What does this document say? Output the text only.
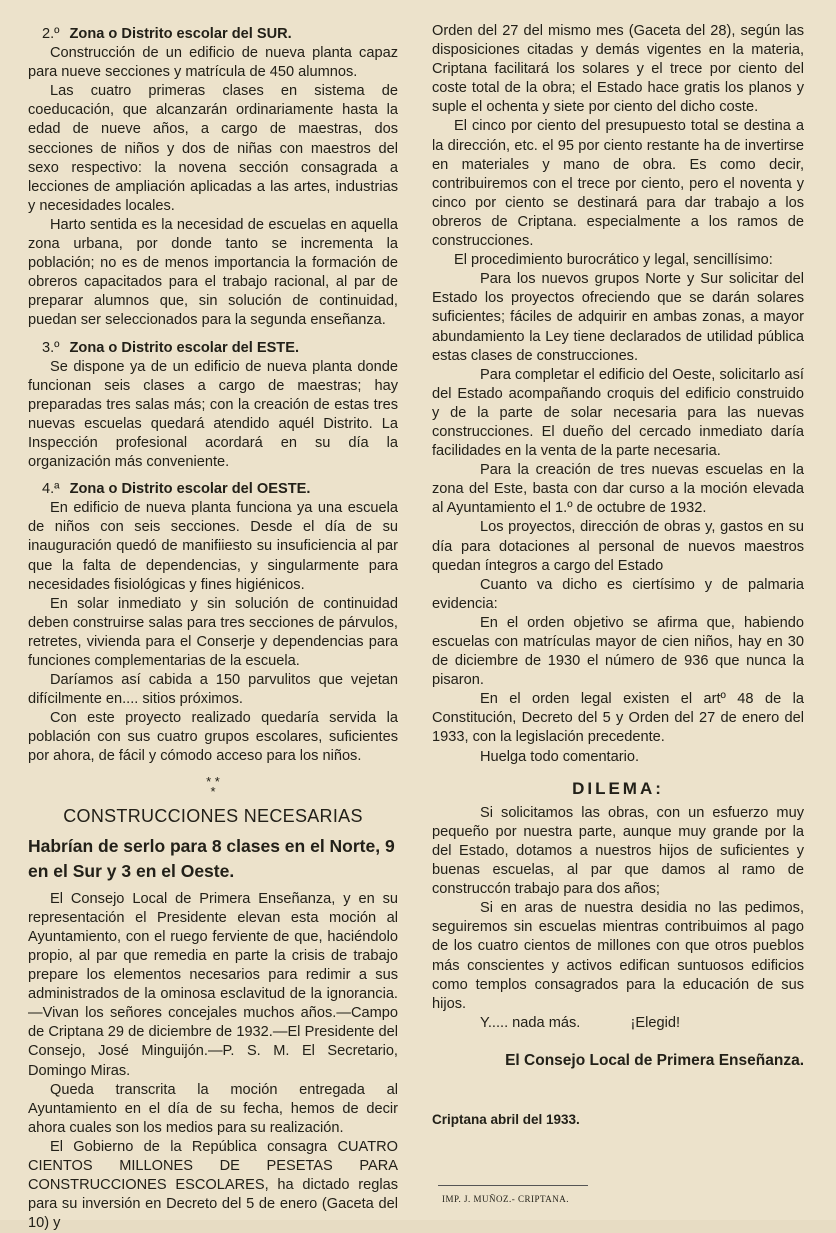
2.º Zona o Distrito escolar del SUR.

Construcción de un edificio de nueva planta capaz para nueve secciones y matrícula de 450 alumnos.

Las cuatro primeras clases en sistema de coeducación, que alcanzarán ordinariamente hasta la edad de nueve años, a cargo de maestras, dos secciones de niños y dos de niñas con maestros del sexo respectivo: la novena sección consagrada a lecciones de ampliación aplicadas a las artes, industrias y necesidades locales.

Harto sentida es la necesidad de escuelas en aquella zona urbana, por donde tanto se incrementa la población; no es de menos importancia la formación de obreros capacitados para el trabajo racional, al par de preparar alumnos que, sin solución de continuidad, puedan ser seleccionados para la segunda enseñanza.

3.º Zona o Distrito escolar del ESTE.

Se dispone ya de un edificio de nueva planta donde funcionan seis clases a cargo de maestras; hay preparadas tres salas más; con la creación de estas tres nuevas escuelas quedará atendido aquél Distrito. La Inspección profesional acordará en su día la organización más conveniente.

4.ª Zona o Distrito escolar del OESTE.

En edificio de nueva planta funciona ya una escuela de niños con seis secciones. Desde el día de su inauguración quedó de manifiiesto su insuficiencia al par que la falta de dependencias, y singularmente para necesidades fisiológicas y fines higiénicos.

En solar inmediato y sin solución de continuidad deben construirse salas para tres secciones de párvulos, retretes, vivienda para el Conserje y dependencias para funciones complementarias de la escuela.

Daríamos así cabida a 150 parvulitos que vejetan difícilmente en.... sitios próximos.

Con este proyecto realizado quedaría servida la población con sus cuatro grupos escolares, suficientes por ahora, de fácil y cómodo acceso para los niños.

* *
*
CONSTRUCCIONES NECESARIAS
Habrían de serlo para 8 clases en el Norte, 9 en el Sur y 3 en el Oeste.

El Consejo Local de Primera Enseñanza, y en su representación el Presidente elevan esta moción al Ayuntamiento, con el ruego ferviente de que, haciéndolo propio, al par que remedia en parte la crisis de trabajo prepare los elementos necesarios para redimir a sus administrados de la ominosa esclavitud de la ignorancia.—Vivan los señores concejales muchos años.—Campo de Criptana 29 de diciembre de 1932.—El Presidente del Consejo, José Minguijón.—P. S. M. El Secretario, Domingo Miras.

Queda transcrita la moción entregada al Ayuntamiento en el día de su fecha, hemos de decir ahora cuales son los medios para su realización.

El Gobierno de la República consagra CUATRO CIENTOS MILLONES DE PESETAS PARA CONSTRUCCIONES ESCOLARES, ha dictado reglas para su inversión en Decreto del 5 de enero (Gaceta del 10) y

Orden del 27 del mismo mes (Gaceta del 28), según las disposiciones citadas y demás vigentes en la materia, Criptana facilitará los solares y el trece por ciento del coste total de la obra; el Estado hace gratis los planos y suple el ochenta y siete por ciento del dicho coste.

El cinco por ciento del presupuesto total se destina a la dirección, etc. el 95 por ciento restante ha de invertirse en materiales y mano de obra. Es como decir, contribuiremos con el trece por ciento, pero el noventa y cinco por ciento se destinará para dar trabajo a los obreros de Criptana. especialmente a los ramos de construcciones.

El procedimiento burocrático y legal, sencillísimo:

Para los nuevos grupos Norte y Sur solicitar del Estado los proyectos ofreciendo que se darán solares suficientes; fáciles de adquirir en ambas zonas, a mayor abundamiento la Ley tiene declarados de utilidad pública estas clases de construcciones.

Para completar el edificio del Oeste, solicitarlo así del Estado acompañando croquis del edificio construido y de la parte de solar necesaria para las nuevas construcciones. El dueño del cercado inmediato daría facilidades en la venta de la parte necesaria.

Para la creación de tres nuevas escuelas en la zona del Este, basta con dar curso a la moción elevada al Ayuntamiento el 1.º de octubre de 1932.

Los proyectos, dirección de obras y, gastos en su día para dotaciones al personal de nuevos maestros quedan íntegros a cargo del Estado

Cuanto va dicho es ciertísimo y de palmaria evidencia:

En el orden objetivo se afirma que, habiendo escuelas con matrículas mayor de cien niños, hay en 30 de diciembre de 1930 el número de 936 que nunca la pisaron.

En el orden legal existen el artº 48 de la Constitución, Decreto del 5 y Orden del 27 de enero del 1933, con la legislación precedente.

Huelga todo comentario.

DILEMA:

Si solicitamos las obras, con un esfuerzo muy pequeño por nuestra parte, aunque muy grande por la del Estado, dotamos a nuestros hijos de suficientes y buenas escuelas, al par que damos al ramo de construccón trabajo para dos años;

Si en aras de nuestra desidia no las pedimos, seguiremos sin escuelas mientras contribuimos al pago de los cuatro cientos de millones con que otros pueblos más conscientes y activos edifican suntuosos edificios como templos consagrados para la educación de sus hijos.

Y..... nada más.	¡Elegid!
El Consejo Local de Primera Enseñanza.
Criptana abril del 1933.
IMP. J. MUÑOZ.- CRIPTANA.
